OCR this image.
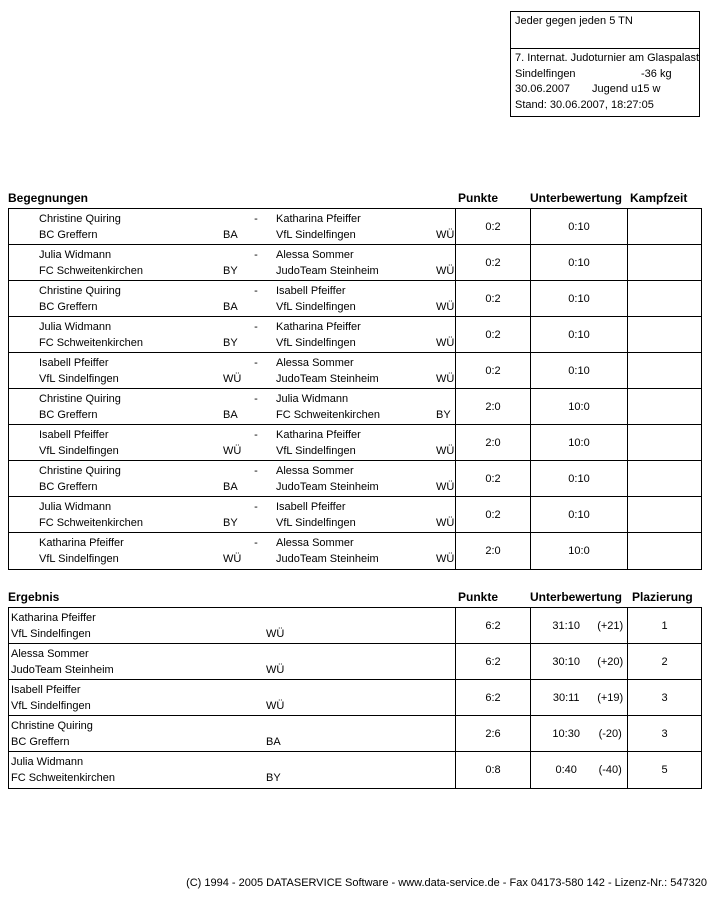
Jeder gegen jeden 5 TN
7. Internat. Judoturnier am Glaspalast
Sindelfingen	-36 kg
30.06.2007	Jugend u15 w
Stand: 30.06.2007, 18:27:05
Begegnungen	Punkte	Unterbewertung Kampfzeit
Christine Quiring	-	Katharina Pfeiffer
BC Greffern	BA	VfL Sindelfingen	WÜ
0:2	0:10
Julia Widmann	-	Alessa Sommer
FC Schweitenkirchen	BY	JudoTeam Steinheim	WÜ
0:2	0:10
Christine Quiring	-	Isabell Pfeiffer
BC Greffern	BA	VfL Sindelfingen	WÜ
0:2	0:10
Julia Widmann	-	Katharina Pfeiffer
FC Schweitenkirchen	BY	VfL Sindelfingen	WÜ
0:2	0:10
Isabell Pfeiffer	-	Alessa Sommer
VfL Sindelfingen	WÜ	JudoTeam Steinheim	WÜ
0:2	0:10
Christine Quiring	-	Julia Widmann
BC Greffern	BA	FC Schweitenkirchen	BY
2:0	10:0
Isabell Pfeiffer	-	Katharina Pfeiffer
VfL Sindelfingen	WÜ	VfL Sindelfingen	WÜ
2:0	10:0
Christine Quiring	-	Alessa Sommer
BC Greffern	BA	JudoTeam Steinheim	WÜ
0:2	0:10
Julia Widmann	-	Isabell Pfeiffer
FC Schweitenkirchen	BY	VfL Sindelfingen	WÜ
0:2	0:10
Katharina Pfeiffer	-	Alessa Sommer
VfL Sindelfingen	WÜ	JudoTeam Steinheim	WÜ
2:0	10:0
Ergebnis	Punkte	Unterbewertung Plazierung
Katharina Pfeiffer
VfL Sindelfingen	WÜ
6:2	31:10	(+21)	1
Alessa Sommer
JudoTeam Steinheim	WÜ
6:2	30:10	(+20)	2
Isabell Pfeiffer
VfL Sindelfingen	WÜ
6:2	30:11	(+19)	3
Christine Quiring
BC Greffern	BA
2:6	10:30	(-20)	3
Julia Widmann
FC Schweitenkirchen	BY
0:8	0:40	(-40)	5
(C) 1994 - 2005 DATASERVICE Software - www.data-service.de - Fax 04173-580 142 - Lizenz-Nr.: 547320
